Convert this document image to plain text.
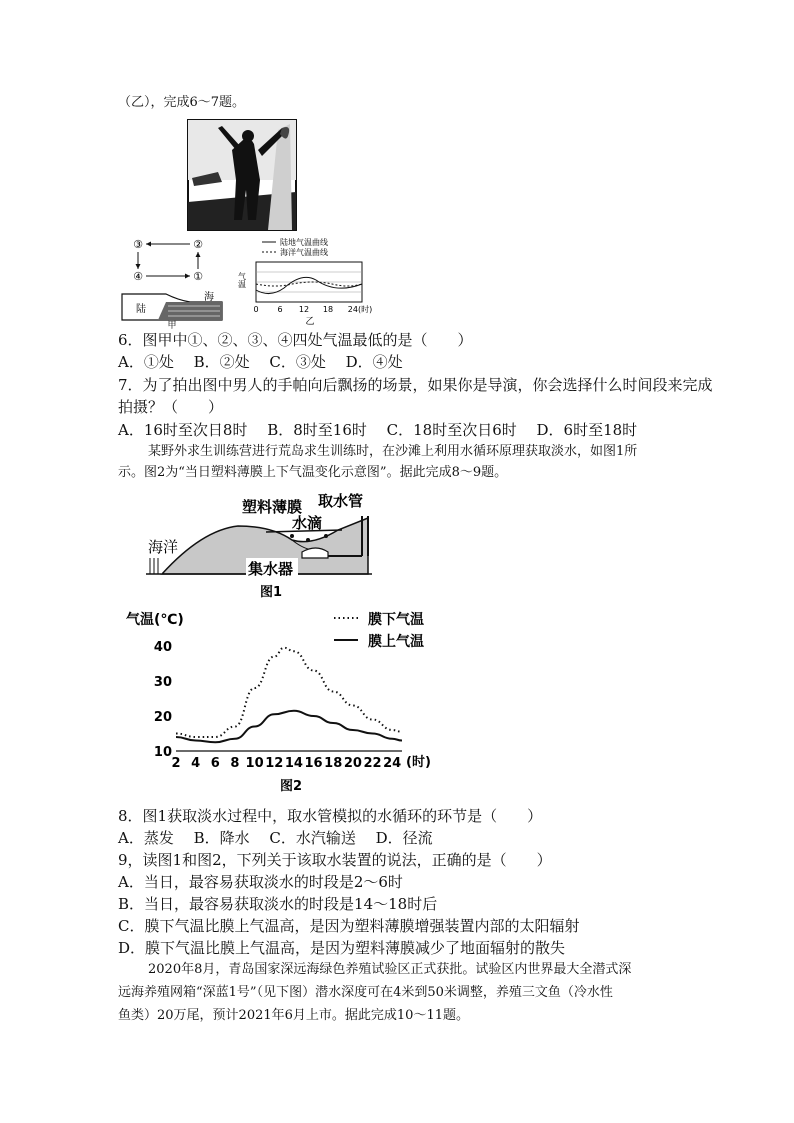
（乙），完成6～7题。
③	②
④	①
陆
海
甲
陆地气温曲线
海洋气温曲线
气温
0 6 12 18 24(时)
乙
6．图甲中①、②、③、④四处气温最低的是（　　）
A．①处　 B．②处　 C．③处　 D．④处
7．为了拍出图中男人的手帕向后飘扬的场景，如果你是导演，你会选择什么时间段来完成
拍摄？（　　）
A．16时至次日8时　 B．8时至16时　 C．18时至次日6时　 D．6时至18时
某野外求生训练营进行荒岛求生训练时，在沙滩上利用水循环原理获取淡水，如图1所
示。图2为“当日塑料薄膜上下气温变化示意图”。据此完成8～9题。
海洋
塑料薄膜
水滴
取水管
集水器
图1
气温(℃)	膜下气温
膜上气温
(时)
图2
2 4 6 8 10 12 14 16 18 20 22 24
10
20
30
40
8．图1获取淡水过程中，取水管模拟的水循环的环节是（　　）
A．蒸发　 B．降水　 C．水汽输送　 D．径流
9，读图1和图2，下列关于该取水装置的说法，正确的是（　　）
A．当日，最容易获取淡水的时段是2～6时
B．当日，最容易获取淡水的时段是14～18时后
C．膜下气温比膜上气温高，是因为塑料薄膜增强装置内部的太阳辐射
D．膜下气温比膜上气温高，是因为塑料薄膜减少了地面辐射的散失
2020年8月，青岛国家深远海绿色养殖试验区正式获批。试验区内世界最大全潜式深
远海养殖网箱“深蓝1号”（见下图）潜水深度可在4米到50米调整，养殖三文鱼（冷水性
鱼类）20万尾，预计2021年6月上市。据此完成10～11题。
